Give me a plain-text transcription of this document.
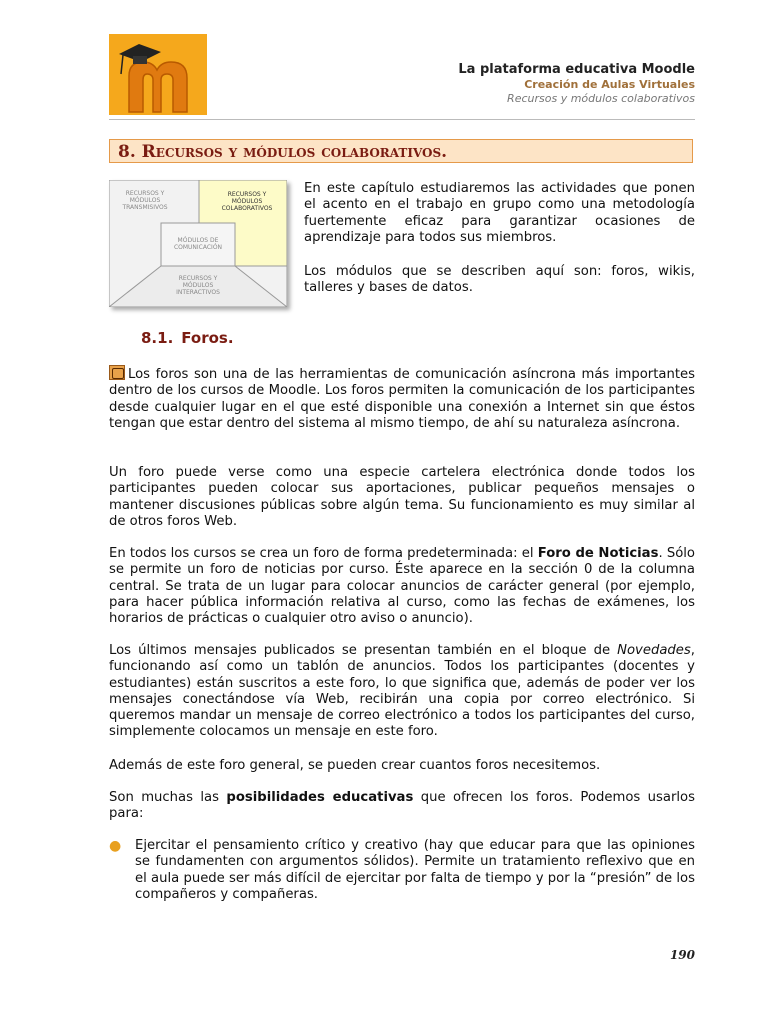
La plataforma educativa Moodle
Creación de Aulas Virtuales
Recursos y módulos colaborativos
8. Recursos y módulos colaborativos.
RECURSOS Y MÓDULOS TRANSMISIVOS
RECURSOS Y MÓDULOS COLABORATIVOS
MÓDULOS DE COMUNICACIÓN
RECURSOS Y MÓDULOS INTERACTIVOS

En este capítulo estudiaremos las actividades que ponen el acento en el trabajo en grupo como una metodología fuertemente eficaz para garantizar ocasiones de aprendizaje para todos sus miembros.

Los módulos que se describen aquí son: foros, wikis, talleres y bases de datos.

8.1. Foros.

Los foros son una de las herramientas de comunicación asíncrona más importantes dentro de los cursos de Moodle. Los foros permiten la comunicación de los participantes desde cualquier lugar en el que esté disponible una conexión a Internet sin que éstos tengan que estar dentro del sistema al mismo tiempo, de ahí su naturaleza asíncrona.

Un foro puede verse como una especie cartelera electrónica donde todos los participantes pueden colocar sus aportaciones, publicar pequeños mensajes o mantener discusiones públicas sobre algún tema. Su funcionamiento es muy similar al de otros foros Web.

En todos los cursos se crea un foro de forma predeterminada: el Foro de Noticias. Sólo se permite un foro de noticias por curso. Éste aparece en la sección 0 de la columna central. Se trata de un lugar para colocar anuncios de carácter general (por ejemplo, para hacer pública información relativa al curso, como las fechas de exámenes, los horarios de prácticas o cualquier otro aviso o anuncio).

Los últimos mensajes publicados se presentan también en el bloque de Novedades, funcionando así como un tablón de anuncios. Todos los participantes (docentes y estudiantes) están suscritos a este foro, lo que significa que, además de poder ver los mensajes conectándose vía Web, recibirán una copia por correo electrónico. Si queremos mandar un mensaje de correo electrónico a todos los participantes del curso, simplemente colocamos un mensaje en este foro.

Además de este foro general, se pueden crear cuantos foros necesitemos.

Son muchas las posibilidades educativas que ofrecen los foros. Podemos usarlos para:

● Ejercitar el pensamiento crítico y creativo (hay que educar para que las opiniones se fundamenten con argumentos sólidos). Permite un tratamiento reflexivo que en el aula puede ser más difícil de ejercitar por falta de tiempo y por la “presión” de los compañeros y compañeras.

190
